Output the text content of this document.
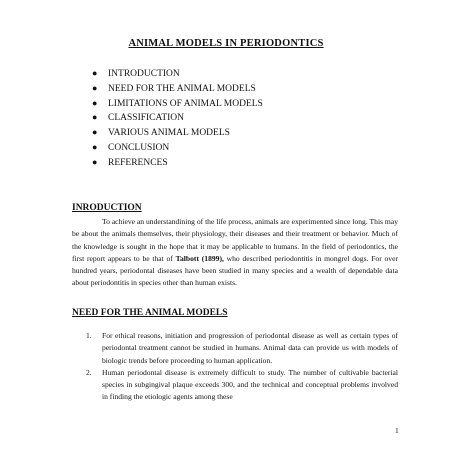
ANIMAL MODELS IN PERIODONTICS
● INTRODUCTION
● NEED FOR THE ANIMAL MODELS
● LIMITATIONS OF ANIMAL MODELS
● CLASSIFICATION
● VARIOUS ANIMAL MODELS
● CONCLUSION
● REFERENCES
INRODUCTION

To achieve an understandining of the life process, animals are experimented since long. This may be about the animals themselves, their physiology, their diseases and their treatment or behavior. Much of the knowledge is sought in the hope that it may be applicable to humans. In the field of periodontics, the first report appears to be that of Talbott (1899), who described periodontitis in mongrel dogs. For over hundred years, periodontal diseases have been studied in many species and a wealth of dependable data about periodontitis in species other than human exists.

NEED FOR THE ANIMAL MODELS
1. For ethical reasons, initiation and progression of periodontal disease as well as certain types of periodontal treatment cannot be studied in humans. Animal data can provide us with models of biologic trends before proceeding to human application.
2. Human periodontal disease is extremely difficult to study. The number of cultivable bacterial species in subgingival plaque exceeds 300, and the technical and conceptual problems involved in finding the etiologic agents among these
1
